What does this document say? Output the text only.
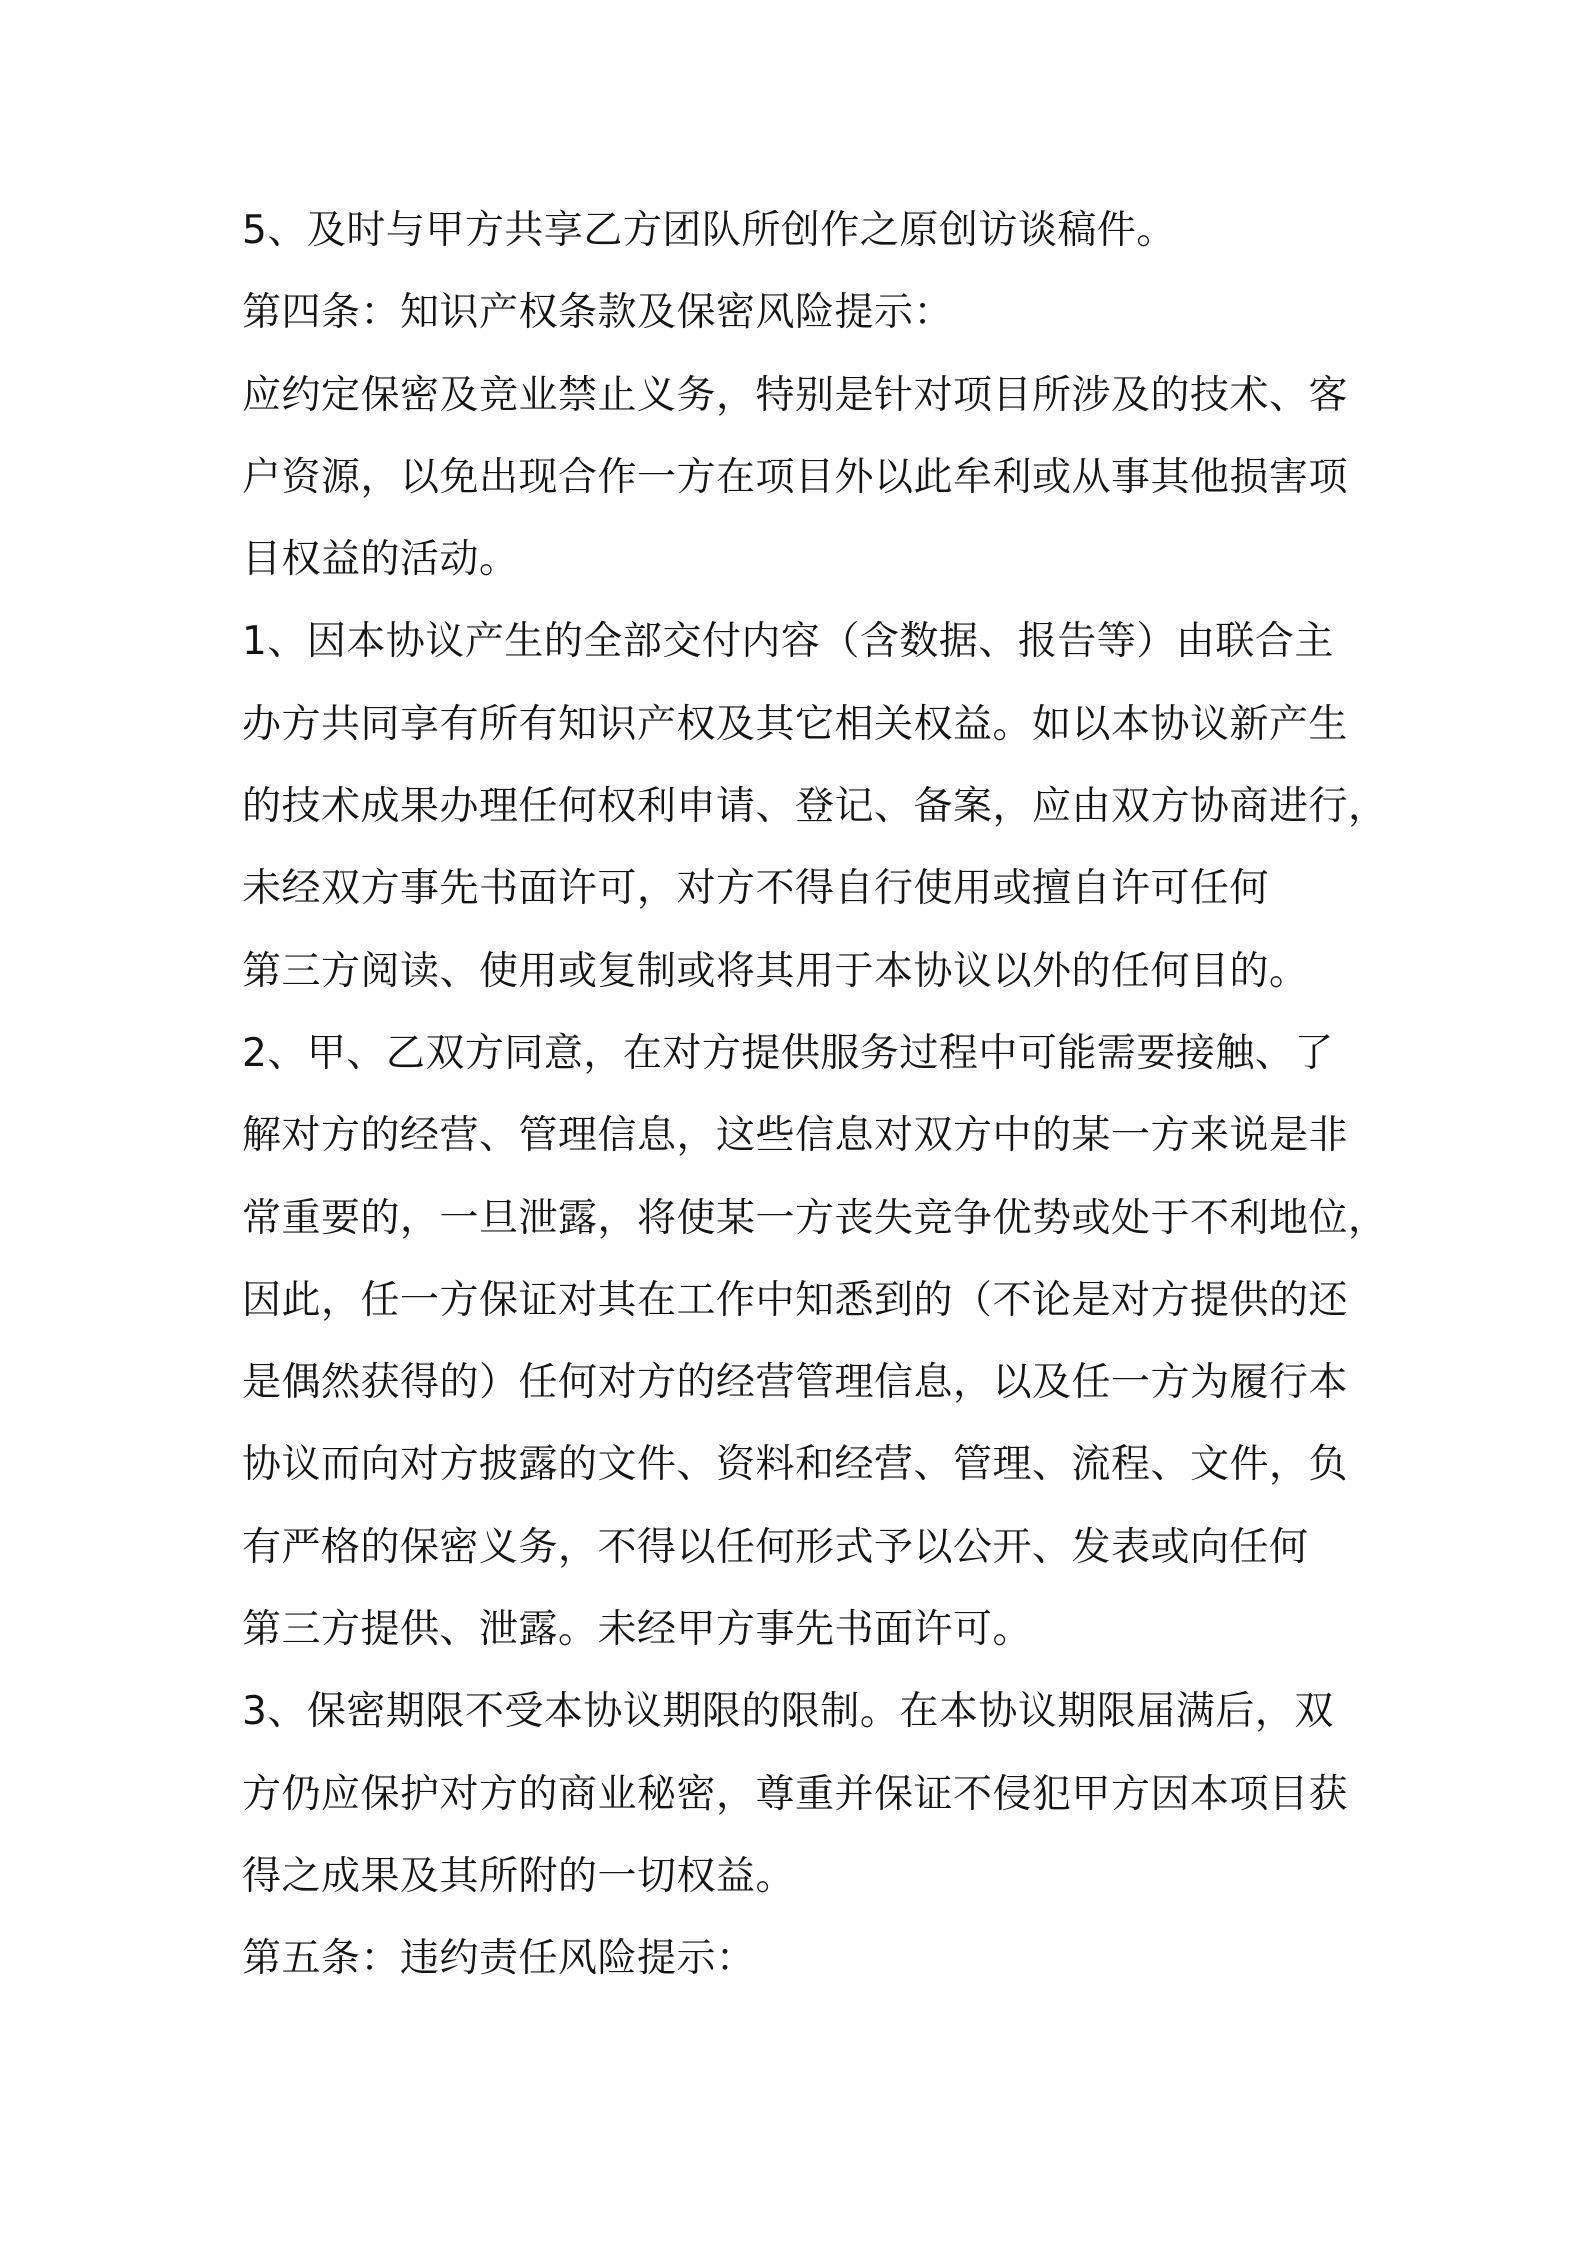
5、及时与甲方共享乙方团队所创作之原创访谈稿件。
第四条：知识产权条款及保密风险提示：
应约定保密及竞业禁止义务，特别是针对项目所涉及的技术、客
户资源，以免出现合作一方在项目外以此牟利或从事其他损害项
目权益的活动。
1、因本协议产生的全部交付内容（含数据、报告等）由联合主
办方共同享有所有知识产权及其它相关权益。如以本协议新产生
的技术成果办理任何权利申请、登记、备案，应由双方协商进行，
未经双方事先书面许可，对方不得自行使用或擅自许可任何
第三方阅读、使用或复制或将其用于本协议以外的任何目的。
2、甲、乙双方同意，在对方提供服务过程中可能需要接触、了
解对方的经营、管理信息，这些信息对双方中的某一方来说是非
常重要的，一旦泄露，将使某一方丧失竞争优势或处于不利地位，
因此，任一方保证对其在工作中知悉到的（不论是对方提供的还
是偶然获得的）任何对方的经营管理信息，以及任一方为履行本
协议而向对方披露的文件、资料和经营、管理、流程、文件，负
有严格的保密义务，不得以任何形式予以公开、发表或向任何
第三方提供、泄露。未经甲方事先书面许可。
3、保密期限不受本协议期限的限制。在本协议期限届满后，双
方仍应保护对方的商业秘密，尊重并保证不侵犯甲方因本项目获
得之成果及其所附的一切权益。
第五条：违约责任风险提示：
